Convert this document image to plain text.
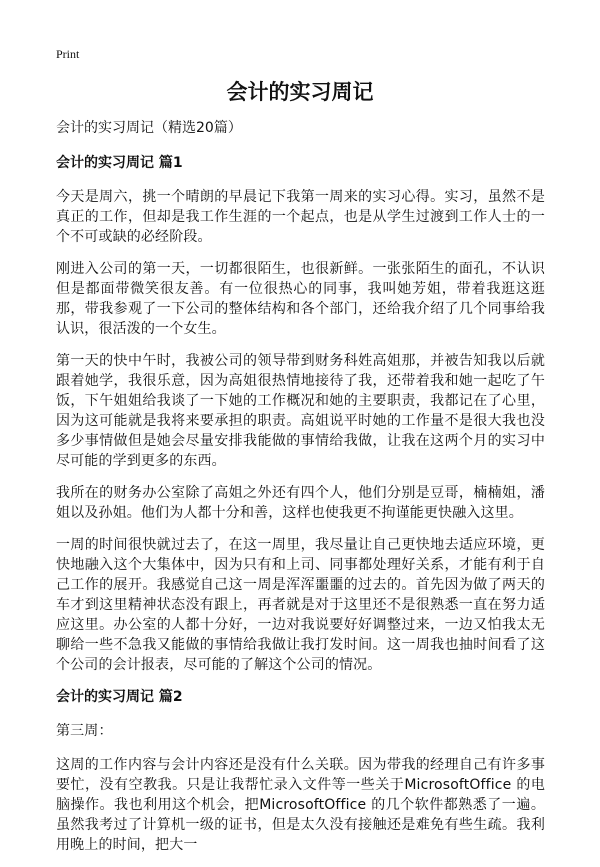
Print
会计的实习周记

会计的实习周记（精选20篇）

会计的实习周记 篇1

今天是周六，挑一个晴朗的早晨记下我第一周来的实习心得。实习，虽然不是真正的工作，但却是我工作生涯的一个起点，也是从学生过渡到工作人士的一个不可或缺的必经阶段。

刚进入公司的第一天，一切都很陌生，也很新鲜。一张张陌生的面孔，不认识但是都面带微笑很友善。有一位很热心的同事，我叫她芳姐，带着我逛这逛那，带我参观了一下公司的整体结构和各个部门，还给我介绍了几个同事给我认识，很活泼的一个女生。

第一天的快中午时，我被公司的领导带到财务科姓高姐那，并被告知我以后就跟着她学，我很乐意，因为高姐很热情地接待了我，还带着我和她一起吃了午饭，下午姐姐给我谈了一下她的工作概况和她的主要职责，我都记在了心里，因为这可能就是我将来要承担的职责。高姐说平时她的工作量不是很大我也没多少事情做但是她会尽量安排我能做的事情给我做，让我在这两个月的实习中尽可能的学到更多的东西。

我所在的财务办公室除了高姐之外还有四个人，他们分别是豆哥，楠楠姐，潘姐以及孙姐。他们为人都十分和善，这样也使我更不拘谨能更快融入这里。

一周的时间很快就过去了，在这一周里，我尽量让自己更快地去适应环境，更快地融入这个大集体中，因为只有和上司、同事都处理好关系，才能有利于自己工作的展开。我感觉自己这一周是浑浑噩噩的过去的。首先因为做了两天的车才到这里精神状态没有跟上，再者就是对于这里还不是很熟悉一直在努力适应这里。办公室的人都十分好，一边对我说要好好调整过来，一边又怕我太无聊给一些不急我又能做的事情给我做让我打发时间。这一周我也抽时间看了这个公司的会计报表，尽可能的了解这个公司的情况。

会计的实习周记 篇2

第三周：

这周的工作内容与会计内容还是没有什么关联。因为带我的经理自己有许多事要忙，没有空教我。只是让我帮忙录入文件等一些关于MicrosoftOffice 的电脑操作。我也利用这个机会，把MicrosoftOffice 的几个软件都熟悉了一遍。虽然我考过了计算机一级的证书，但是太久没有接触还是难免有些生疏。我利用晚上的时间，把大一
